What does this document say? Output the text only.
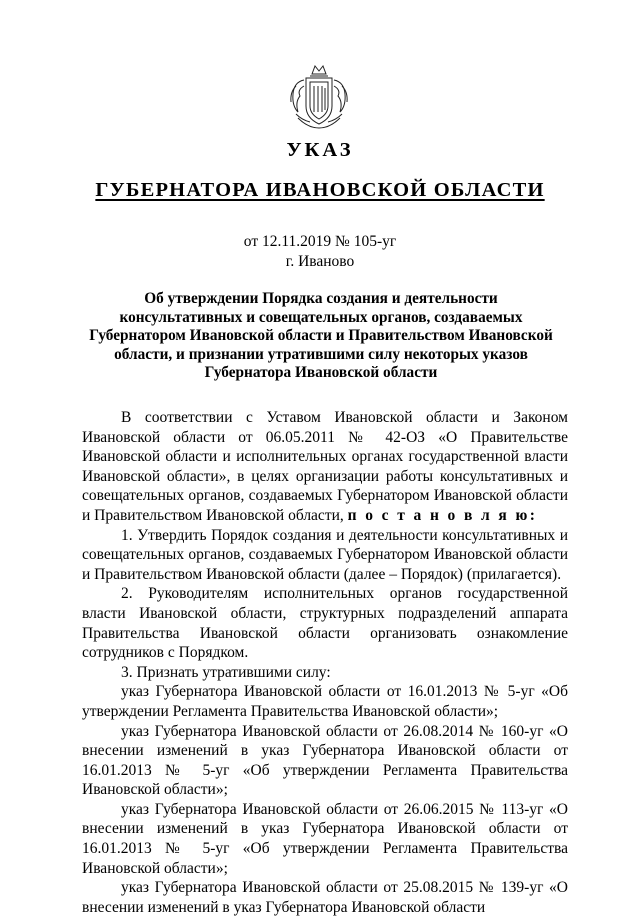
УКАЗ
ГУБЕРНАТОРА ИВАНОВСКОЙ ОБЛАСТИ
от 12.11.2019 № 105-уг
г. Иваново
Об утверждении Порядка создания и деятельности консультативных и совещательных органов, создаваемых Губернатором Ивановской области и Правительством Ивановской области, и признании утратившими силу некоторых указов Губернатора Ивановской области

В соответствии с Уставом Ивановской области и Законом Ивановской области от 06.05.2011 № 42-ОЗ «О Правительстве Ивановской области и исполнительных органах государственной власти Ивановской области», в целях организации работы консультативных и совещательных органов, создаваемых Губернатором Ивановской области и Правительством Ивановской области, п о с т а н о в л я ю:

1. Утвердить Порядок создания и деятельности консультативных и совещательных органов, создаваемых Губернатором Ивановской области и Правительством Ивановской области (далее – Порядок) (прилагается).

2. Руководителям исполнительных органов государственной власти Ивановской области, структурных подразделений аппарата Правительства Ивановской области организовать ознакомление сотрудников с Порядком.

3. Признать утратившими силу:

указ Губернатора Ивановской области от 16.01.2013 № 5-уг «Об утверждении Регламента Правительства Ивановской области»;

указ Губернатора Ивановской области от 26.08.2014 № 160-уг «О внесении изменений в указ Губернатора Ивановской области от 16.01.2013 № 5-уг «Об утверждении Регламента Правительства Ивановской области»;

указ Губернатора Ивановской области от 26.06.2015 № 113-уг «О внесении изменений в указ Губернатора Ивановской области от 16.01.2013 № 5-уг «Об утверждении Регламента Правительства Ивановской области»;

указ Губернатора Ивановской области от 25.08.2015 № 139-уг «О внесении изменений в указ Губернатора Ивановской области
